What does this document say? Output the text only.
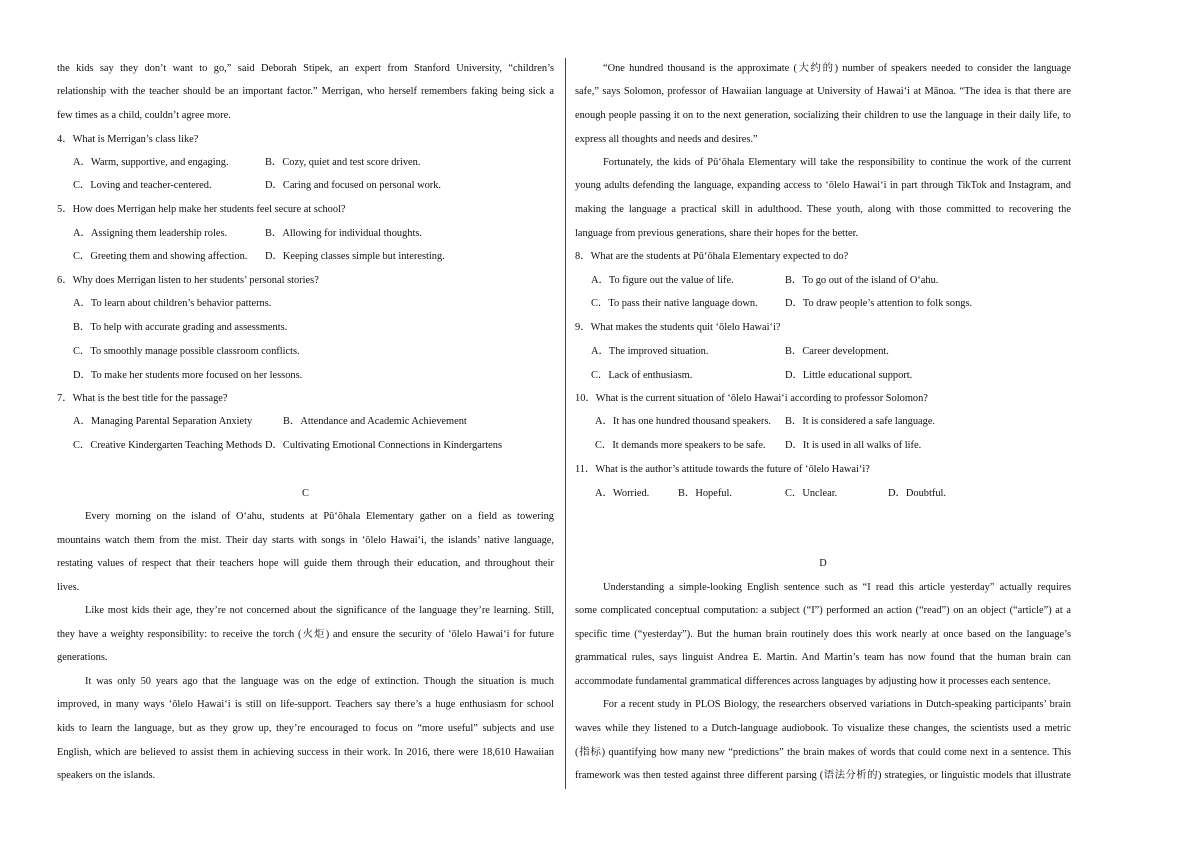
the kids say they don’t want to go,” said Deborah Stipek, an expert from Stanford University, “children’s
relationship with the teacher should be an important factor.” Merrigan, who herself remembers faking being sick a
few times as a child, couldn’t agree more.
4．What is Merrigan’s class like?
A．Warm, supportive, and engaging.	B．Cozy, quiet and test score driven.
C．Loving and teacher-centered.	D．Caring and focused on personal work.
5．How does Merrigan help make her students feel secure at school?
A．Assigning them leadership roles.	B．Allowing for individual thoughts.
C．Greeting them and showing affection. D．Keeping classes simple but interesting.
6．Why does Merrigan listen to her students’ personal stories?
A．To learn about children’s behavior patterns.
B．To help with accurate grading and assessments.
C．To smoothly manage possible classroom conflicts.
D．To make her students more focused on her lessons.
7．What is the best title for the passage?
A．Managing Parental Separation Anxiety	B．Attendance and Academic Achievement
C．Creative Kindergarten Teaching Methods D．Cultivating Emotional Connections in Kindergartens
C
Every morning on the island of O‘ahu, students at Pū‘ōhala Elementary gather on a field as towering
mountains watch them from the mist. Their day starts with songs in ‘ōlelo Hawai‘i, the islands’ native language,
restating values of respect that their teachers hope will guide them through their education, and throughout their
lives.
Like most kids their age, they’re not concerned about the significance of the language they’re learning. Still,
they have a weighty responsibility: to receive the torch (火炬) and ensure the security of ‘ōlelo Hawai‘i for future
generations.
It was only 50 years ago that the language was on the edge of extinction. Though the situation is much
improved, in many ways ‘ōlelo Hawai‘i is still on life-support. Teachers say there’s a huge enthusiasm for school
kids to learn the language, but as they grow up, they’re encouraged to focus on “more useful” subjects and use
English, which are believed to assist them in achieving success in their work. In 2016, there were 18,610 Hawaiian
speakers on the islands.
“One hundred thousand is the approximate (大约的) number of speakers needed to consider the language
safe,” says Solomon, professor of Hawaiian language at University of Hawai‘i at Mānoa. “The idea is that there are
enough people passing it on to the next generation, socializing their children to use the language in their daily life, to
express all thoughts and needs and desires.”
Fortunately, the kids of Pū‘ōhala Elementary will take the responsibility to continue the work of the current
young adults defending the language, expanding access to ‘ōlelo Hawai‘i in part through TikTok and Instagram, and
making the language a practical skill in adulthood. These youth, along with those committed to recovering the
language from previous generations, share their hopes for the better.
8．What are the students at Pū‘ōhala Elementary expected to do?
A．To figure out the value of life.	B．To go out of the island of O‘ahu.
C．To pass their native language down.	D．To draw people’s attention to folk songs.
9．What makes the students quit ‘ōlelo Hawai‘i?
A．The improved situation.	B．Career development.
C．Lack of enthusiasm.	D．Little educational support.
10．What is the current situation of ‘ōlelo Hawai‘i according to professor Solomon?
A．It has one hundred thousand speakers. B．It is considered a safe language.
C．It demands more speakers to be safe. D．It is used in all walks of life.
11．What is the author’s attitude towards the future of ‘ōlelo Hawai‘i?
A．Worried.	B．Hopeful.	C．Unclear.	D．Doubtful.
D
Understanding a simple-looking English sentence such as “I read this article yesterday” actually requires
some complicated conceptual computation: a subject (“I”) performed an action (“read”) on an object (“article”) at a
specific time (“yesterday”). But the human brain routinely does this work nearly at once based on the language’s
grammatical rules, says linguist Andrea E. Martin. And Martin’s team has now found that the human brain can
accommodate fundamental grammatical differences across languages by adjusting how it processes each sentence.
For a recent study in PLOS Biology, the researchers observed variations in Dutch-speaking participants’ brain
waves while they listened to a Dutch-language audiobook. To visualize these changes, the scientists used a metric
(指标) quantifying how many new “predictions” the brain makes of words that could come next in a sentence. This
framework was then tested against three different parsing (语法分析的) strategies, or linguistic models that illustrate
